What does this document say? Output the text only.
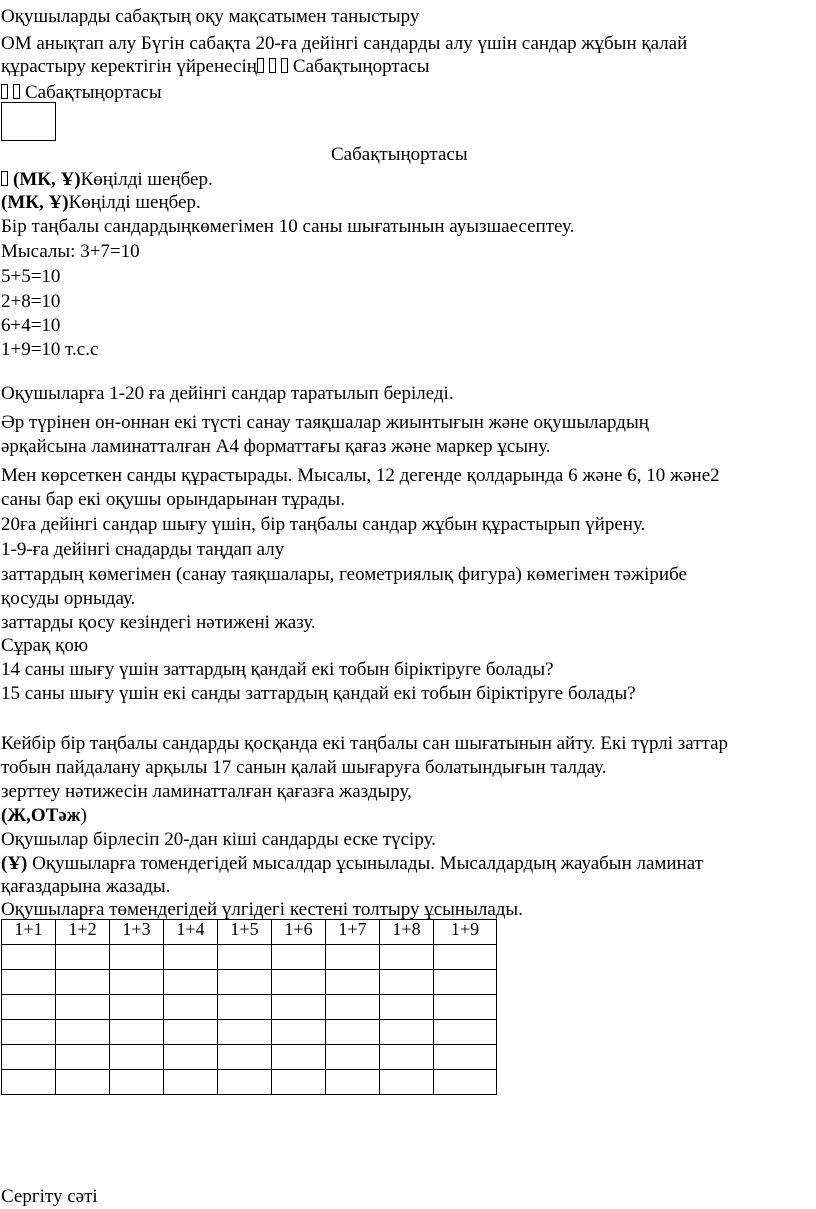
Оқушыларды сабақтың оқу мақсатымен таныстыру
ОМ анықтап алу Бүгін сабақта 20-ға дейінгі сандарды алу үшін сандар жұбын қалай
құрастыру керектігін үйренесің Сабақтыңортасы
Сабақтыңортасы
Сабақтыңортасы
(МК, Ұ)Көңілді шеңбер.
(МК, Ұ)Көңілді шеңбер.
Бір таңбалы сандардыңкөмегімен 10 саны шығатынын ауызшаесептеу.
Мысалы: 3+7=10
5+5=10
2+8=10
6+4=10
1+9=10 т.с.с
Оқушыларға 1-20 ға дейінгі сандар таратылып беріледі.
Әр түрінен он-оннан екі түсті санау таяқшалар жиынтығын және оқушылардың
әрқайсына ламинатталған А4 форматтағы қағаз және маркер ұсыну.
Мен көрсеткен санды құрастырады. Мысалы, 12 дегенде қолдарында 6 және 6, 10 және2
саны бар екі оқушы орындарынан тұрады.
20ға дейінгі сандар шығу үшін, бір таңбалы сандар жұбын құрастырып үйрену.
1-9-ға дейінгі снадарды таңдап алу
заттардың көмегімен (санау таяқшалары, геометриялық фигура) көмегімен тәжірибе
қосуды орныдау.
заттарды қосу кезіндегі нәтижені жазу.
Сұрақ қою
14 саны шығу үшін заттардың қандай екі тобын біріктіруге болады?
15 саны шығу үшін екі санды заттардың қандай екі тобын біріктіруге болады?
Кейбір бір таңбалы сандарды қосқанда екі таңбалы сан шығатынын айту. Екі түрлі заттар
тобын пайдалану арқылы 17 санын қалай шығаруға болатындығын талдау.
зерттеу нәтижесін ламинатталған қағазға жаздыру,
(Ж,ОТәж)
Оқушылар бірлесіп 20-дан кіші сандарды еске түсіру.
(Ұ) Оқушыларға томендегідей мысалдар ұсынылады. Мысалдардың жауабын ламинат
қағаздарына жазады.
Оқушыларға төмендегідей үлгідегі кестені толтыру ұсынылады.
1+1	1+2	1+3	1+4	1+5	1+6	1+7	1+8	1+9

Сергіту сәті
